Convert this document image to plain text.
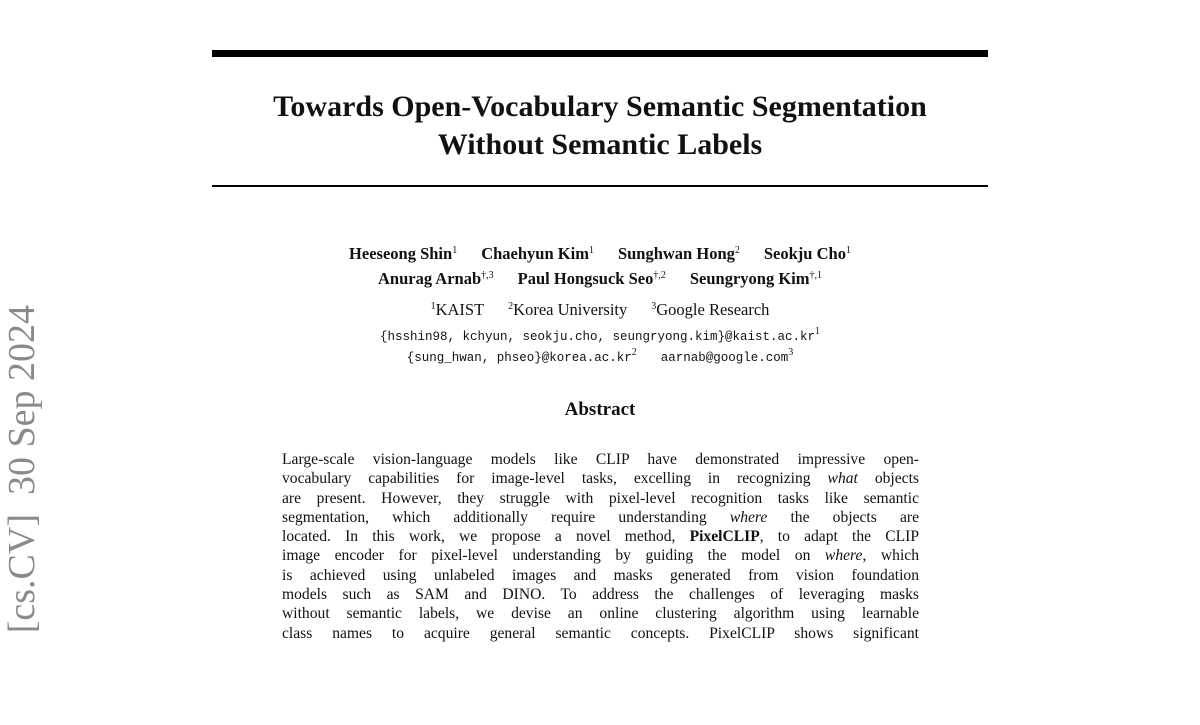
[cs.CV]  30 Sep 2024
Towards Open-Vocabulary Semantic Segmentation
Without Semantic Labels
Heeseong Shin$^1$ Chaehyun Kim$^1$ Sunghwan Hong$^2$ Seokju Cho$^1$
Anurag Arnab$^{\dagger,3}$ Paul Hongsuck Seo$^{\dagger,2}$ Seungryong Kim$^{\dagger,1}$
$^1$KAIST $^2$Korea University $^3$Google Research
{hsshin98, kchyun, seokju.cho, $seungryong.kim\}@kaist.ac.kr^1$
{sung_hwan, $phseo\}@korea.ac.kr^2$ aarnab@google.com$^3$
Abstract
Large-scale vision-language models like CLIP have demonstrated impressive open-
vocabulary capabilities for image-level tasks, excelling in recognizing what objects
are present. However, they struggle with pixel-level recognition tasks like semantic
segmentation, which additionally require understanding where the objects are
located. In this work, we propose a novel method, PixelCLIP, to adapt the CLIP
image encoder for pixel-level understanding by guiding the model on where, which
is achieved using unlabeled images and masks generated from vision foundation
models such as SAM and DINO. To address the challenges of leveraging masks
without semantic labels, we devise an online clustering algorithm using learnable
class names to acquire general semantic concepts. PixelCLIP shows significant
